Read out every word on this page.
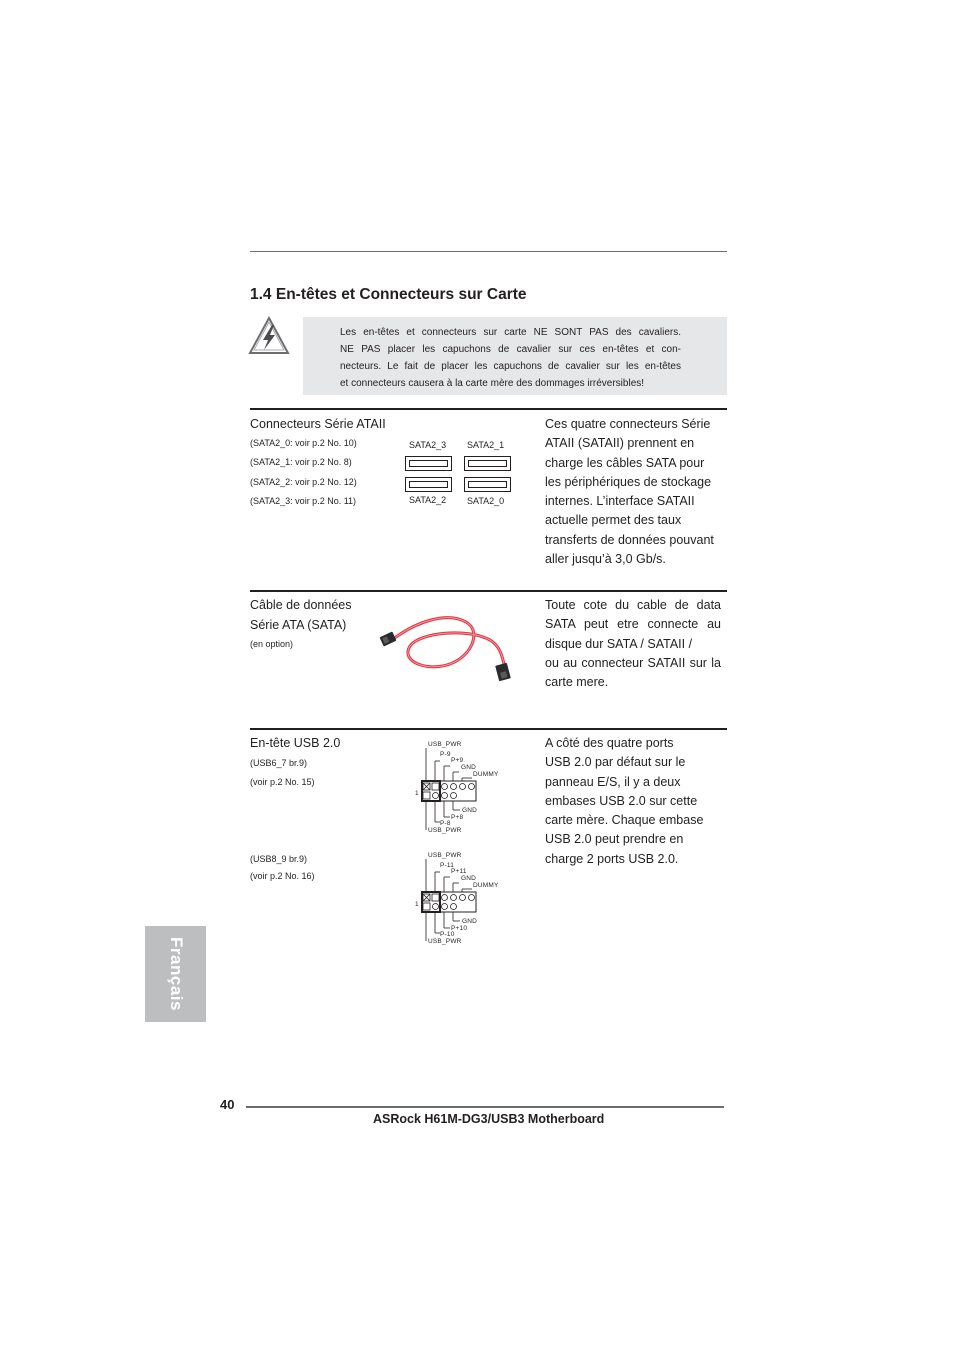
1.4 En-têtes et Connecteurs sur Carte
Les en-têtes et connecteurs sur carte NE SONT PAS des cavaliers.
NE PAS placer les capuchons de cavalier sur ces en-têtes et con-
necteurs. Le fait de placer les capuchons de cavalier sur les en-têtes
et connecteurs causera à la carte mère des dommages irréversibles!
Connecteurs Série ATAII
(SATA2_0: voir p.2 No. 10)
(SATA2_1: voir p.2 No. 8)
(SATA2_2: voir p.2 No. 12)
(SATA2_3: voir p.2 No. 11)
SATA2_3 SATA2_1
SATA2_2 SATA2_0
Ces quatre connecteurs Série
ATAII (SATAII) prennent en
charge les câbles SATA pour
les périphériques de stockage
internes. L’interface SATAII
actuelle permet des taux
transferts de données pouvant
aller jusqu’à 3,0 Gb/s.
Câble de données
Série ATA (SATA)
(en option)
Toute cote du cable de data
SATA peut etre connecte au
disque dur SATA / SATAII /
ou au connecteur SATAII sur la
carte mere.
En-tête USB 2.0
(USB6_7 br.9)
(voir p.2 No. 15)
(USB8_9 br.9)
(voir p.2 No. 16)
USB_PWR
P-9
P+9
GND
DUMMY
1
GND
P+8
P-8
USB_PWR
USB_PWR
P-11
P+11
GND
DUMMY
1
GND
P+10
P-10
USB_PWR
A côté des quatre ports
USB 2.0 par défaut sur le
panneau E/S, il y a deux
embases USB 2.0 sur cette
carte mère. Chaque embase
USB 2.0 peut prendre en
charge 2 ports USB 2.0.
Français
40
ASRock H61M-DG3/USB3 Motherboard
